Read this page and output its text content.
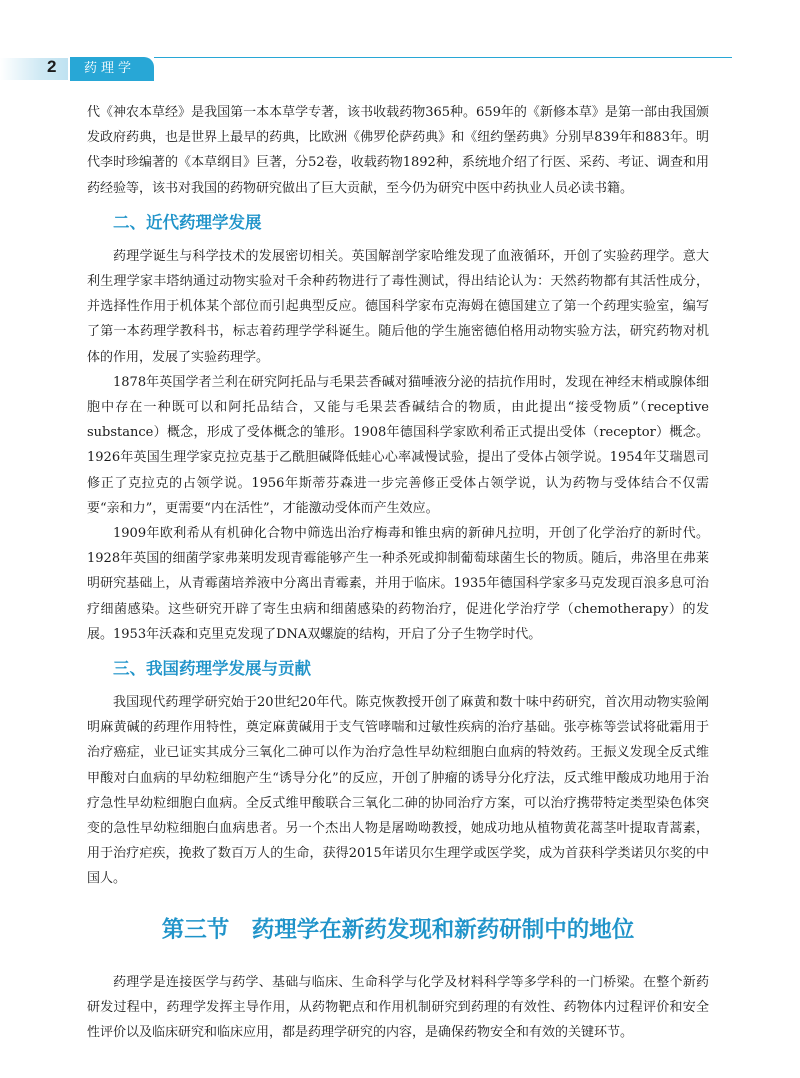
2	药理学

代《神农本草经》是我国第一本本草学专著，该书收载药物365种。659年的《新修本草》是第一部由我国颁发政府药典，也是世界上最早的药典，比欧洲《佛罗伦萨药典》和《纽约堡药典》分别早839年和883年。明代李时珍编著的《本草纲目》巨著，分52卷，收载药物1892种，系统地介绍了行医、采药、考证、调查和用药经验等，该书对我国的药物研究做出了巨大贡献，至今仍为研究中医中药执业人员必读书籍。

二、近代药理学发展

药理学诞生与科学技术的发展密切相关。英国解剖学家哈维发现了血液循环，开创了实验药理学。意大利生理学家丰塔纳通过动物实验对千余种药物进行了毒性测试，得出结论认为：天然药物都有其活性成分，并选择性作用于机体某个部位而引起典型反应。德国科学家布克海姆在德国建立了第一个药理实验室，编写了第一本药理学教科书，标志着药理学学科诞生。随后他的学生施密德伯格用动物实验方法，研究药物对机体的作用，发展了实验药理学。

1878年英国学者兰利在研究阿托品与毛果芸香碱对猫唾液分泌的拮抗作用时，发现在神经末梢或腺体细胞中存在一种既可以和阿托品结合，又能与毛果芸香碱结合的物质，由此提出“接受物质”（receptive substance）概念，形成了受体概念的雏形。1908年德国科学家欧利希正式提出受体（receptor）概念。1926年英国生理学家克拉克基于乙酰胆碱降低蛙心心率减慢试验，提出了受体占领学说。1954年艾瑞恩司修正了克拉克的占领学说。1956年斯蒂芬森进一步完善修正受体占领学说，认为药物与受体结合不仅需要“亲和力”，更需要“内在活性”，才能激动受体而产生效应。

1909年欧利希从有机砷化合物中筛选出治疗梅毒和锥虫病的新砷凡拉明，开创了化学治疗的新时代。1928年英国的细菌学家弗莱明发现青霉能够产生一种杀死或抑制葡萄球菌生长的物质。随后，弗洛里在弗莱明研究基础上，从青霉菌培养液中分离出青霉素，并用于临床。1935年德国科学家多马克发现百浪多息可治疗细菌感染。这些研究开辟了寄生虫病和细菌感染的药物治疗，促进化学治疗学（chemotherapy）的发展。1953年沃森和克里克发现了DNA双螺旋的结构，开启了分子生物学时代。

三、我国药理学发展与贡献

我国现代药理学研究始于20世纪20年代。陈克恢教授开创了麻黄和数十味中药研究，首次用动物实验阐明麻黄碱的药理作用特性，奠定麻黄碱用于支气管哮喘和过敏性疾病的治疗基础。张亭栋等尝试将砒霜用于治疗癌症，业已证实其成分三氧化二砷可以作为治疗急性早幼粒细胞白血病的特效药。王振义发现全反式维甲酸对白血病的早幼粒细胞产生“诱导分化”的反应，开创了肿瘤的诱导分化疗法，反式维甲酸成功地用于治疗急性早幼粒细胞白血病。全反式维甲酸联合三氧化二砷的协同治疗方案，可以治疗携带特定类型染色体突变的急性早幼粒细胞白血病患者。另一个杰出人物是屠呦呦教授，她成功地从植物黄花蒿茎叶提取青蒿素，用于治疗疟疾，挽救了数百万人的生命，获得2015年诺贝尔生理学或医学奖，成为首获科学类诺贝尔奖的中国人。

第三节　药理学在新药发现和新药研制中的地位

药理学是连接医学与药学、基础与临床、生命科学与化学及材料科学等多学科的一门桥梁。在整个新药研发过程中，药理学发挥主导作用，从药物靶点和作用机制研究到药理的有效性、药物体内过程评价和安全性评价以及临床研究和临床应用，都是药理学研究的内容，是确保药物安全和有效的关键环节。
